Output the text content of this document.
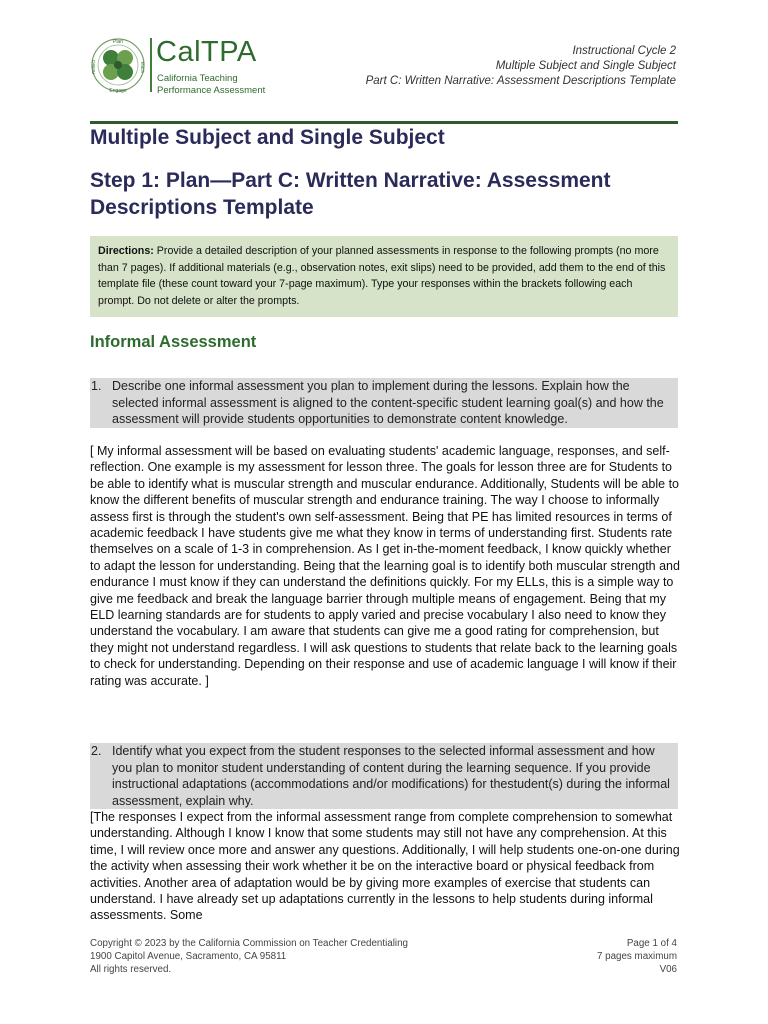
Plan
Engage
Reflect	Teach CalTPA
California Teaching
Performance Assessment
Instructional Cycle 2
Multiple Subject and Single Subject
Part C: Written Narrative: Assessment Descriptions Template
Multiple Subject and Single Subject
Step 1: Plan—Part C: Written Narrative: Assessment Descriptions Template
Directions: Provide a detailed description of your planned assessments in response to the following prompts (no more than 7 pages). If additional materials (e.g., observation notes, exit slips) need to be provided, add them to the end of this template file (these count toward your 7-page maximum). Type your responses within the brackets following each prompt. Do not delete or alter the prompts.
Informal Assessment
1. Describe one informal assessment you plan to implement during the lessons. Explain how the selected informal assessment is aligned to the content-specific student learning goal(s) and how the assessment will provide students opportunities to demonstrate content knowledge.
[ My informal assessment will be based on evaluating students' academic language, responses, and self-reflection. One example is my assessment for lesson three. The goals for lesson three are for Students to be able to identify what is muscular strength and muscular endurance. Additionally, Students will be able to know the different benefits of muscular strength and endurance training. The way I choose to informally assess first is through the student's own self-assessment. Being that PE has limited resources in terms of academic feedback I have students give me what they know in terms of understanding first. Students rate themselves on a scale of 1-3 in comprehension. As I get in-the-moment feedback, I know quickly whether to adapt the lesson for understanding. Being that the learning goal is to identify both muscular strength and endurance I must know if they can understand the definitions quickly. For my ELLs, this is a simple way to give me feedback and break the language barrier through multiple means of engagement. Being that my ELD learning standards are for students to apply varied and precise vocabulary I also need to know they understand the vocabulary. I am aware that students can give me a good rating for comprehension, but they might not understand regardless. I will ask questions to students that relate back to the learning goals to check for understanding. Depending on their response and use of academic language I will know if their rating was accurate. ]
2. Identify what you expect from the student responses to the selected informal assessment and how you plan to monitor student understanding of content during the learning sequence. If you provide instructional adaptations (accommodations and/or modifications) for thestudent(s) during the informal assessment, explain why.
[The responses I expect from the informal assessment range from complete comprehension to somewhat understanding. Although I know I know that some students may still not have any comprehension. At this time, I will review once more and answer any questions. Additionally, I will help students one-on-one during the activity when assessing their work whether it be on the interactive board or physical feedback from activities. Another area of adaptation would be by giving more examples of exercise that students can understand. I have already set up adaptations currently in the lessons to help students during informal assessments. Some
Copyright © 2023 by the California Commission on Teacher Credentialing
1900 Capitol Avenue, Sacramento, CA 95811
All rights reserved.
Page 1 of 4
7 pages maximum
V06
